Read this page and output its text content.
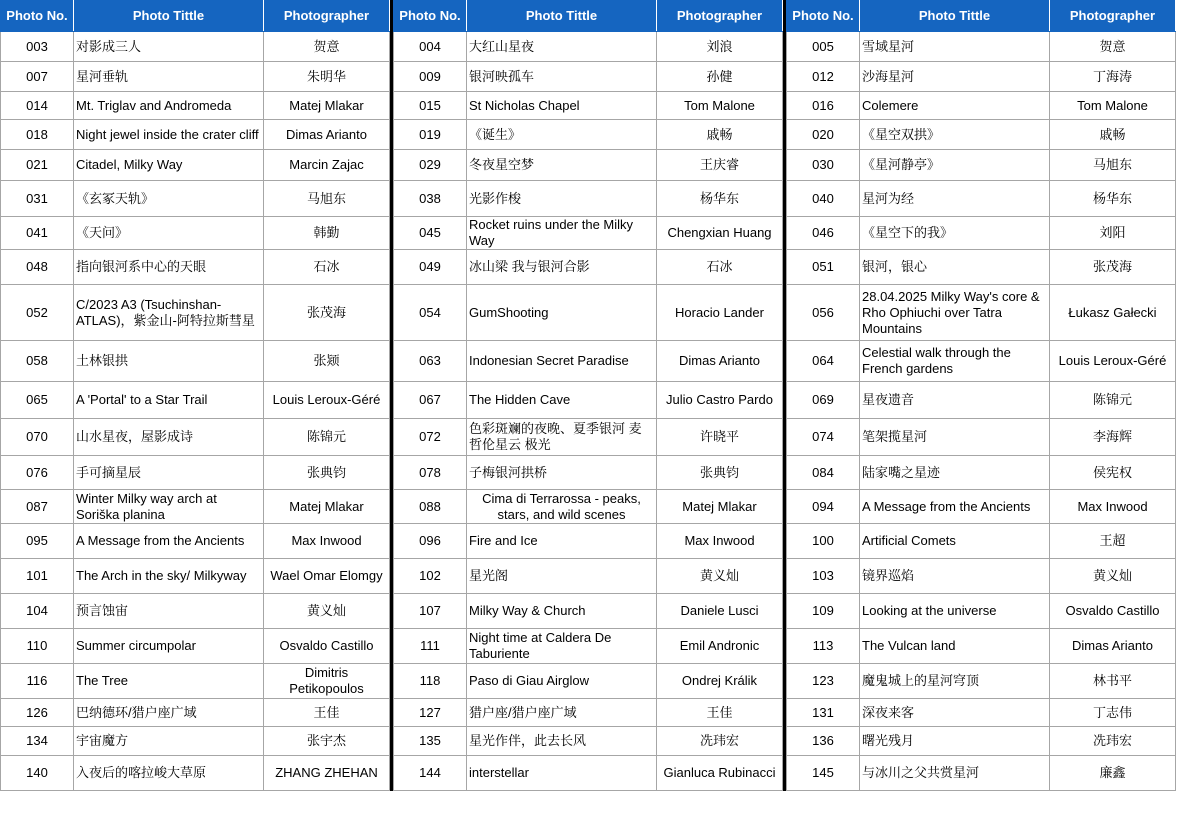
Photo No.	Photo Tittle	Photographer
003	对影成三人	贺意
007	星河垂轨	朱明华
014	Mt. Triglav and Andromeda	Matej Mlakar
018	Night jewel inside the crater cliff	Dimas Arianto
021	Citadel, Milky Way	Marcin Zajac
031	《玄冢天轨》	马旭东
041	《天问》	韩勤
048	指向银河系中心的天眼	石冰
052	C/2023 A3 (Tsuchinshan-ATLAS)，紫金山-阿特拉斯彗星	张茂海
058	土林银拱	张颎
065	A 'Portal' to a Star Trail	Louis Leroux-Géré
070	山水星夜，屋影成诗	陈锦元
076	手可摘星辰	张典钧
087	Winter Milky way arch at Soriška planina	Matej Mlakar
095	A Message from the Ancients	Max Inwood
101	The Arch in the sky/ Milkyway	Wael Omar Elomgy
104	预言蚀宙	黄义灿
110	Summer circumpolar	Osvaldo Castillo
116	The Tree	Dimitris Petikopoulos
126	巴纳德环/猎户座广域	王佳
134	宇宙魔方	张宇杰
140	入夜后的喀拉峻大草原	ZHANG ZHEHAN
Photo No.	Photo Tittle	Photographer
004	大红山星夜	刘浪
009	银河映孤车	孙健
015	St Nicholas Chapel	Tom Malone
019	《诞生》	戚畅
029	冬夜星空梦	王庆睿
038	光影作梭	杨华东
045	Rocket ruins under the Milky Way	Chengxian Huang
049	冰山梁 我与银河合影	石冰
054	GumShooting	Horacio Lander
063	Indonesian Secret Paradise	Dimas Arianto
067	The Hidden Cave	Julio Castro Pardo
072	色彩斑斓的夜晚、夏季银河 麦哲伦星云 极光	许晓平
078	子梅银河拱桥	张典钧
088	Cima di Terrarossa - peaks, stars, and wild scenes	Matej Mlakar
096	Fire and Ice	Max Inwood
102	星光阁	黄义灿
107	Milky Way & Church	Daniele Lusci
111	Night time at Caldera De Taburiente	Emil Andronic
118	Paso di Giau Airglow	Ondrej Králik
127	猎户座/猎户座广域	王佳
135	星光作伴，此去长风	冼玮宏
144	interstellar	Gianluca Rubinacci
Photo No.	Photo Tittle	Photographer
005	雪域星河	贺意
012	沙海星河	丁海涛
016	Colemere	Tom Malone
020	《星空双拱》	戚畅
030	《星河静亭》	马旭东
040	星河为经	杨华东
046	《星空下的我》	刘阳
051	银河，银心	张茂海
056	28.04.2025 Milky Way's core & Rho Ophiuchi over Tatra Mountains	Łukasz Gałecki
064	Celestial walk through the French gardens	Louis Leroux-Géré
069	星夜遗音	陈锦元
074	笔架揽星河	李海辉
084	陆家嘴之星迹	侯宪权
094	A Message from the Ancients	Max Inwood
100	Artificial Comets	王超
103	镜界巡焰	黄义灿
109	Looking at the universe	Osvaldo Castillo
113	The Vulcan land	Dimas Arianto
123	魔鬼城上的星河穹顶	林书平
131	深夜来客	丁志伟
136	曙光残月	冼玮宏
145	与冰川之父共赏星河	廉鑫
